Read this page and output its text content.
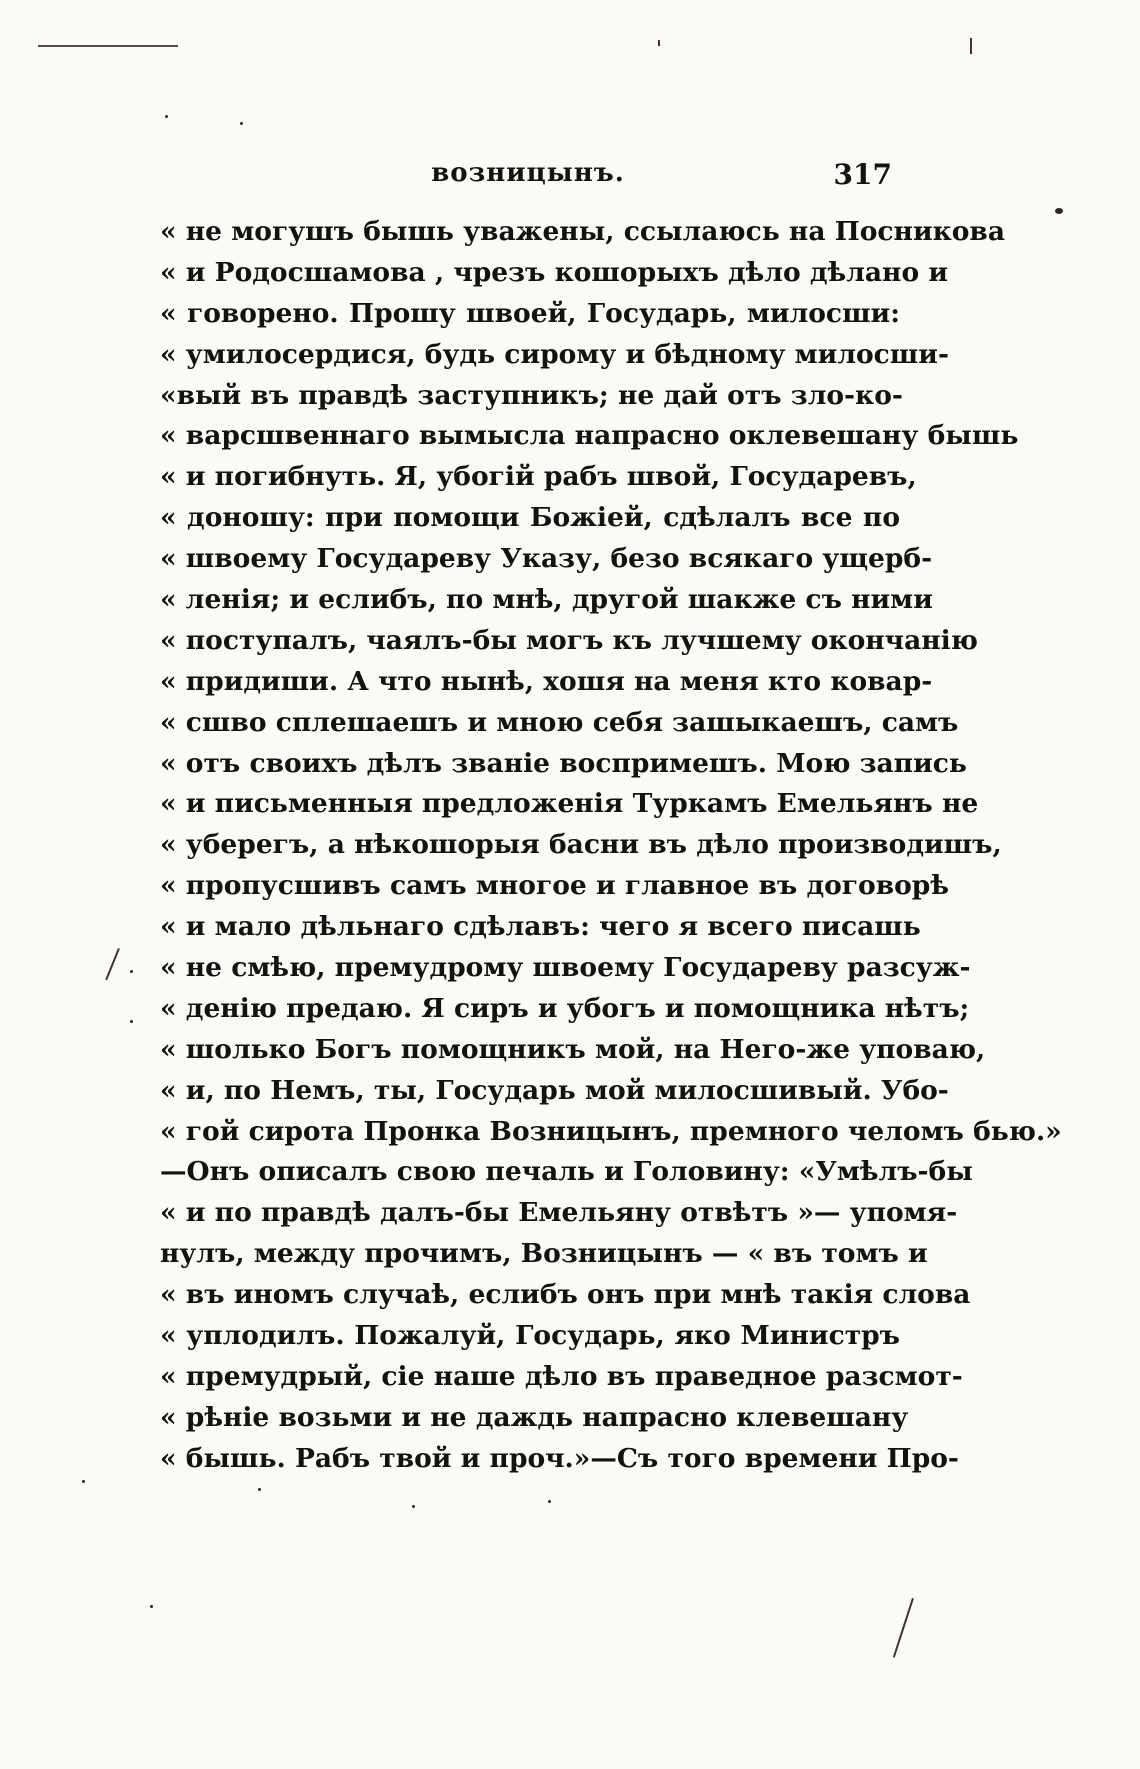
возницынъ.	317
« не могушъ бышь уважены, ссылаюсь на Посникова
« и Родосшамова , чрезъ кошорыхъ дѣло дѣлано и
« говорено. Прошу швоей, Государь, милосши:
« умилосердися, будь сирому и бѣдному милосши-
«вый въ правдѣ заступникъ; не дай отъ зло-ко-
« варсшвеннаго вымысла напрасно оклевешану бышь
« и погибнуть. Я, убогій рабъ швой, Государевъ,
« доношу: при помощи Божіей, сдѣлалъ все по
« швоему Государеву Указу, безо всякаго ущерб-
« ленія; и еслибъ, по мнѣ, другой шакже съ ними
« поступалъ, чаялъ-бы могъ къ лучшему окончанію
« придиши. А что нынѣ, хошя на меня кто ковар-
« сшво сплешаешъ и мною себя зашыкаешъ, самъ
« отъ своихъ дѣлъ званіе воспримешъ. Мою запись
« и письменныя предложенія Туркамъ Емельянъ не
« уберегъ, а нѣкошорыя басни въ дѣло производишъ,
« пропусшивъ самъ многое и главное въ договорѣ
« и мало дѣльнаго сдѣлавъ: чего я всего писашь
« не смѣю, премудрому швоему Государеву разсуж-
« денію предаю. Я сиръ и убогъ и помощника нѣтъ;
« шолько Богъ помощникъ мой, на Него-же уповаю,
« и, по Немъ, ты, Государь мой милосшивый. Убо-
« гой сирота Пронка Возницынъ, премного челомъ бью.»
—Онъ описалъ свою печаль и Головину: «Умѣлъ-бы
« и по правдѣ далъ-бы Емельяну отвѣтъ »— упомя-
нулъ, между прочимъ, Возницынъ — « въ томъ и
« въ иномъ случаѣ, еслибъ онъ при мнѣ такія слова
« уплодилъ. Пожалуй, Государь, яко Министръ
« премудрый, сіе наше дѣло въ праведное разсмот-
« рѣніе возьми и не даждь напрасно клевешану
« бышь. Рабъ твой и проч.»—Съ того времени Про-
